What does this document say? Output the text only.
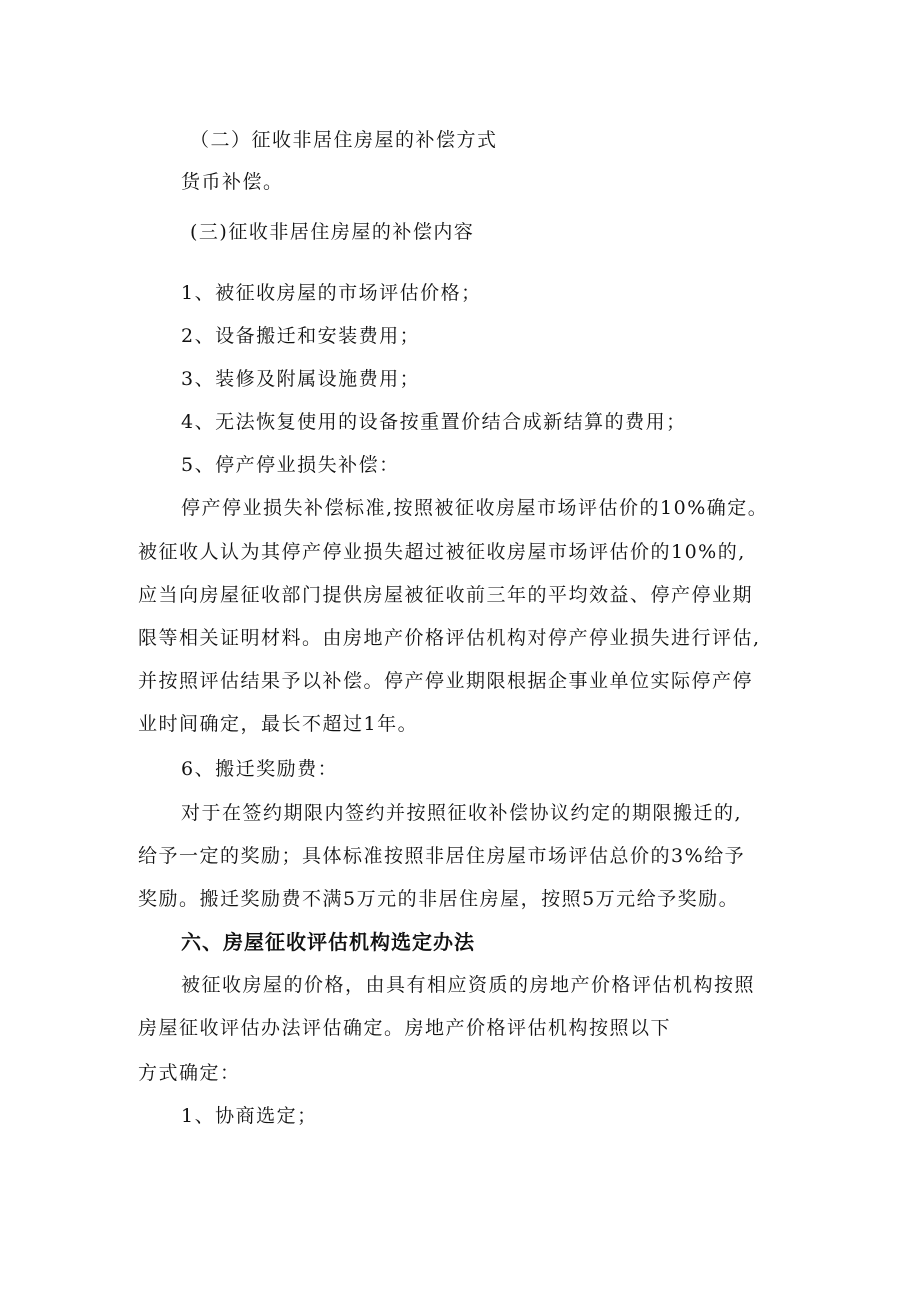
（二）征收非居住房屋的补偿方式
货币补偿。
(三)征收非居住房屋的补偿内容
1、被征收房屋的市场评估价格；
2、设备搬迁和安装费用；
3、装修及附属设施费用；
4、无法恢复使用的设备按重置价结合成新结算的费用；
5、停产停业损失补偿：
停产停业损失补偿标准,按照被征收房屋市场评估价的10%确定。
被征收人认为其停产停业损失超过被征收房屋市场评估价的10%的,
应当向房屋征收部门提供房屋被征收前三年的平均效益、停产停业期
限等相关证明材料。由房地产价格评估机构对停产停业损失进行评估,
并按照评估结果予以补偿。停产停业期限根据企事业单位实际停产停
业时间确定，最长不超过1年。
6、搬迁奖励费：
对于在签约期限内签约并按照征收补偿协议约定的期限搬迁的,
给予一定的奖励；具体标准按照非居住房屋市场评估总价的3%给予
奖励。搬迁奖励费不满5万元的非居住房屋，按照5万元给予奖励。
六、房屋征收评估机构选定办法
被征收房屋的价格，由具有相应资质的房地产价格评估机构按照
房屋征收评估办法评估确定。房地产价格评估机构按照以下
方式确定：
1、协商选定；
